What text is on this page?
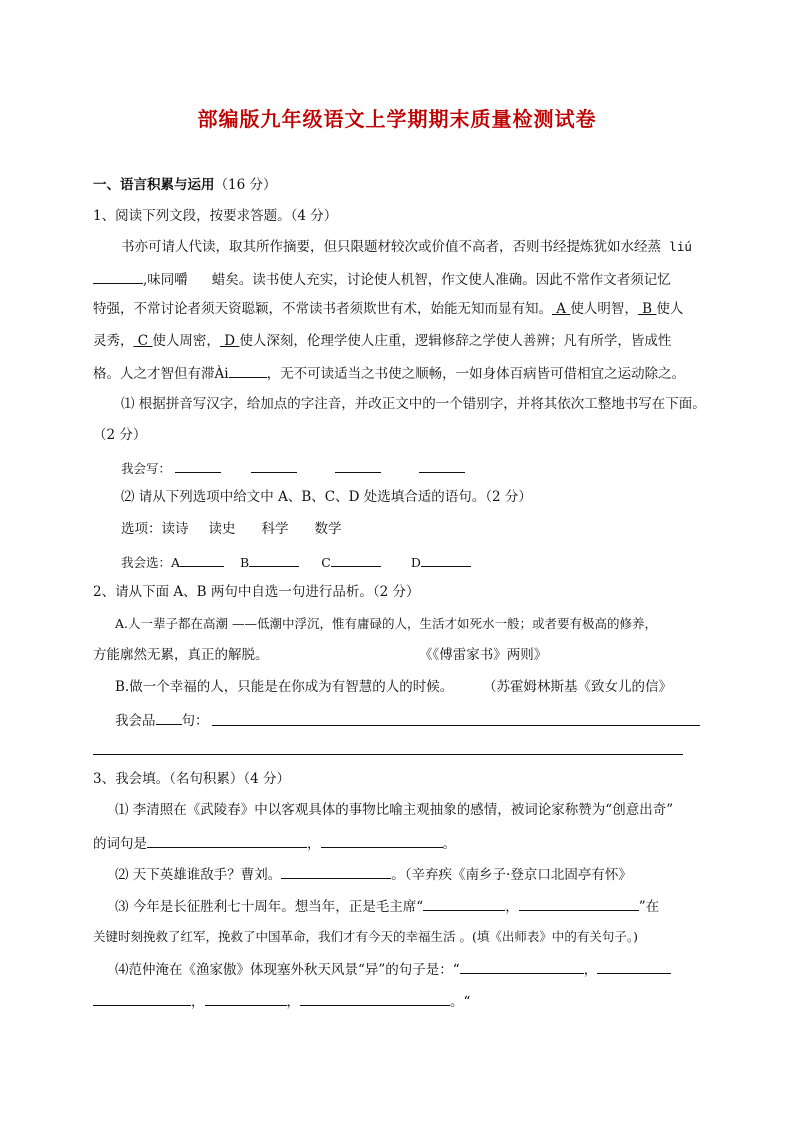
部编版九年级语文上学期期末质量检测试卷
一、语言积累与运用（16 分）
1、阅读下列文段，按要求答题。（4 分）
书亦可请人代读，取其所作摘要，但只限题材较次或价值不高者，否则书经提炼犹如水经蒸 liú
,味同嚼 蜡矣。读书使人充实，讨论使人机智，作文使人准确。因此不常作文者须记忆
特强，不常讨论者须天资聪颖，不常读书者须欺世有术，始能无知而显有知。 A 使人明智， B 使人
灵秀， C 使人周密， D 使人深刻，伦理学使人庄重，逻辑修辞之学使人善辨；凡有所学，皆成性
格。人之才智但有滞Ài	，无不可读适当之书使之顺畅，一如身体百病皆可借相宜之运动除之。
⑴ 根据拼音写汉字，给加点的字注音，并改正文中的一个错别字，并将其依次工整地书写在下面。
（2 分）
我会写：
⑵ 请从下列选项中给文中 A、B、C、D 处选填合适的语句。（2 分）
选项：读诗 读史 科学 数学
我会选：A	B	C	D
2、请从下面 A、B 两句中自选一句进行品析。（2 分）
A.人一辈子都在高潮 ——低潮中浮沉，惟有庸碌的人，生活才如死水一般；或者要有极高的修养，
方能廓然无累，真正的解脱。	《《傅雷家书》两则》
B.做一个幸福的人，只能是在你成为有智慧的人的时候。 （苏霍姆林斯基《致女儿的信》
我会品 句：
3、我会填。（名句积累）（4 分）
⑴ 李清照在《武陵春》中以客观具体的事物比喻主观抽象的感情，被词论家称赞为“创意出奇”
的词句是	，	。
⑵ 天下英雄谁敌手？曹刘。	。（辛弃疾《南乡子·登京口北固亭有怀》
⑶ 今年是长征胜利七十周年。想当年，正是毛主席“	，	”在
关键时刻挽救了红军，挽救了中国革命，我们才有今天的幸福生活 。(填《出师表》中的有关句子。)
⑷范仲淹在《渔家傲》体现塞外秋天风景“异”的句子是：“	，
，	，	。“
